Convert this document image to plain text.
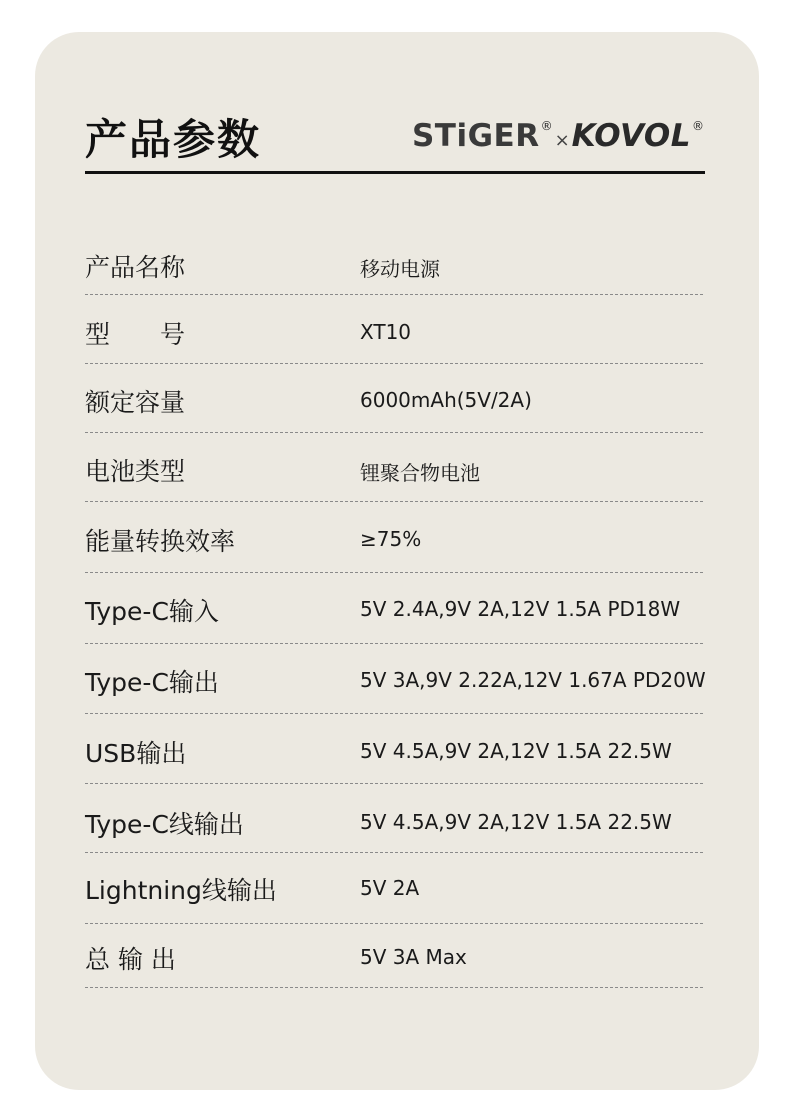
产品参数	STiGER ®
× KOVOL ®
产品名称	移动电源
型　　号	XT10
额定容量	6000mAh(5V/2A)
电池类型	锂聚合物电池
能量转换效率	≥75%
Type-C输入	5V 2.4A,9V 2A,12V 1.5A PD18W
Type-C输出	5V 3A,9V 2.22A,12V 1.67A PD20W
USB输出	5V 4.5A,9V 2A,12V 1.5A 22.5W
Type-C线输出	5V 4.5A,9V 2A,12V 1.5A 22.5W
Lightning线输出	5V 2A
总 输 出	5V 3A Max
